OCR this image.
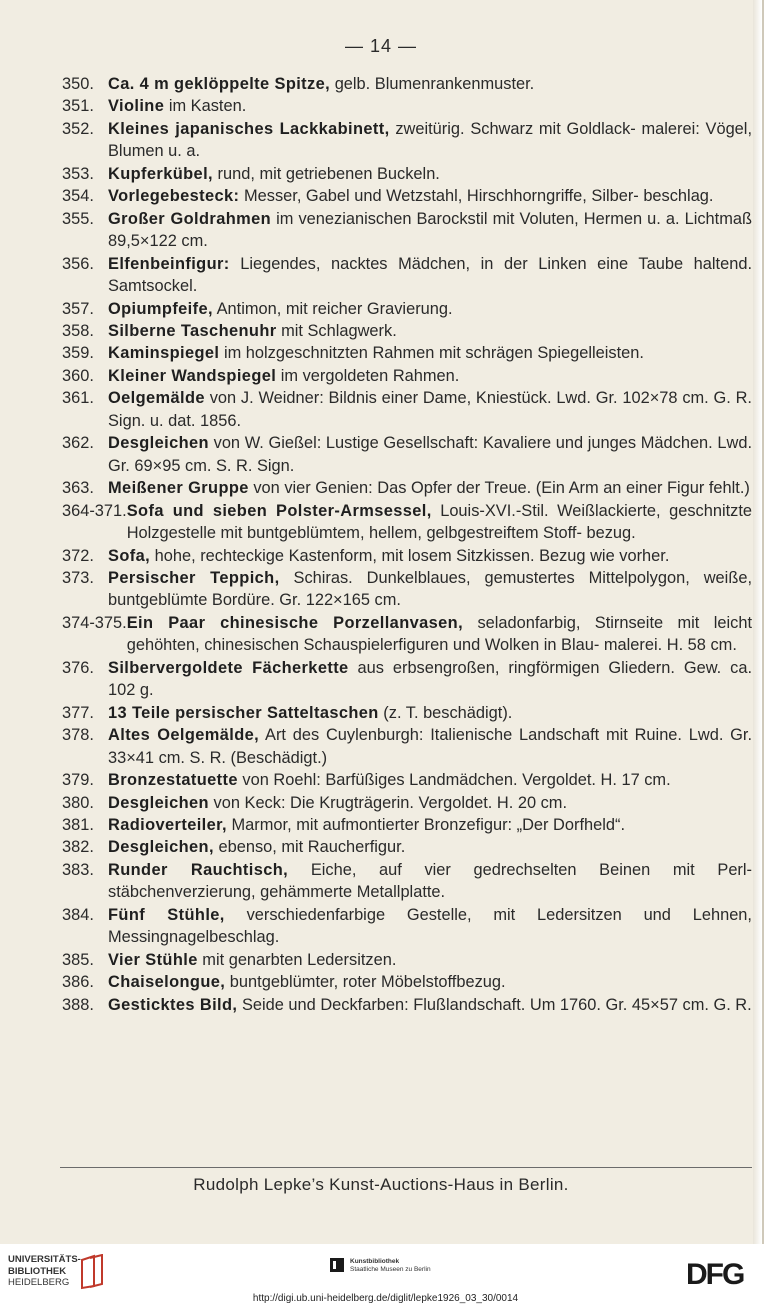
— 14 —
350. Ca. 4 m geklöppelte Spitze, gelb. Blumenrankenmuster.
351. Violine im Kasten.
352. Kleines japanisches Lackkabinett, zweitürig. Schwarz mit Goldlack- malerei: Vögel, Blumen u. a.
353. Kupferkübel, rund, mit getriebenen Buckeln.
354. Vorlegebesteck: Messer, Gabel und Wetzstahl, Hirschhorngriffe, Silber- beschlag.
355. Großer Goldrahmen im venezianischen Barockstil mit Voluten, Hermen u. a. Lichtmaß 89,5×122 cm.
356. Elfenbeinfigur: Liegendes, nacktes Mädchen, in der Linken eine Taube haltend. Samtsockel.
357. Opiumpfeife, Antimon, mit reicher Gravierung.
358. Silberne Taschenuhr mit Schlagwerk.
359. Kaminspiegel im holzgeschnitzten Rahmen mit schrägen Spiegelleisten.
360. Kleiner Wandspiegel im vergoldeten Rahmen.
361. Oelgemälde von J. Weidner: Bildnis einer Dame, Kniestück. Lwd. Gr. 102×78 cm. G. R. Sign. u. dat. 1856.
362. Desgleichen von W. Gießel: Lustige Gesellschaft: Kavaliere und junges Mädchen. Lwd. Gr. 69×95 cm. S. R. Sign.
363. Meißener Gruppe von vier Genien: Das Opfer der Treue. (Ein Arm an einer Figur fehlt.)
364-371. Sofa und sieben Polster-Armsessel, Louis-XVI.-Stil. Weißlackierte, geschnitzte Holzgestelle mit buntgeblümtem, hellem, gelbgestreiftem Stoff- bezug.
372. Sofa, hohe, rechteckige Kastenform, mit losem Sitzkissen. Bezug wie vorher.
373. Persischer Teppich, Schiras. Dunkelblaues, gemustertes Mittelpolygon, weiße, buntgeblümte Bordüre. Gr. 122×165 cm.
374-375. Ein Paar chinesische Porzellanvasen, seladonfarbig, Stirnseite mit leicht gehöhten, chinesischen Schauspielerfiguren und Wolken in Blau- malerei. H. 58 cm.
376. Silbervergoldete Fächerkette aus erbsengroßen, ringförmigen Gliedern. Gew. ca. 102 g.
377. 13 Teile persischer Satteltaschen (z. T. beschädigt).
378. Altes Oelgemälde, Art des Cuylenburgh: Italienische Landschaft mit Ruine. Lwd. Gr. 33×41 cm. S. R. (Beschädigt.)
379. Bronzestatuette von Roehl: Barfüßiges Landmädchen. Vergoldet. H. 17 cm.
380. Desgleichen von Keck: Die Krugträgerin. Vergoldet. H. 20 cm.
381. Radioverteiler, Marmor, mit aufmontierter Bronzefigur: „Der Dorfheld“.
382. Desgleichen, ebenso, mit Raucherfigur.
383. Runder Rauchtisch, Eiche, auf vier gedrechselten Beinen mit Perl- stäbchenverzierung, gehämmerte Metallplatte.
384. Fünf Stühle, verschiedenfarbige Gestelle, mit Ledersitzen und Lehnen, Messingnagelbeschlag.
385. Vier Stühle mit genarbten Ledersitzen.
386. Chaiselongue, buntgeblümter, roter Möbelstoffbezug.
388. Gesticktes Bild, Seide und Deckfarben: Flußlandschaft. Um 1760. Gr. 45×57 cm. G. R.
Rudolph Lepke’s Kunst-Auctions-Haus in Berlin.
UNIVERSITÄTS-
BIBLIOTHEK
HEIDELBERG
Kunstbibliothek
Staatliche Museen zu Berlin	DFG
http://digi.ub.uni-heidelberg.de/diglit/lepke1926_03_30/0014
